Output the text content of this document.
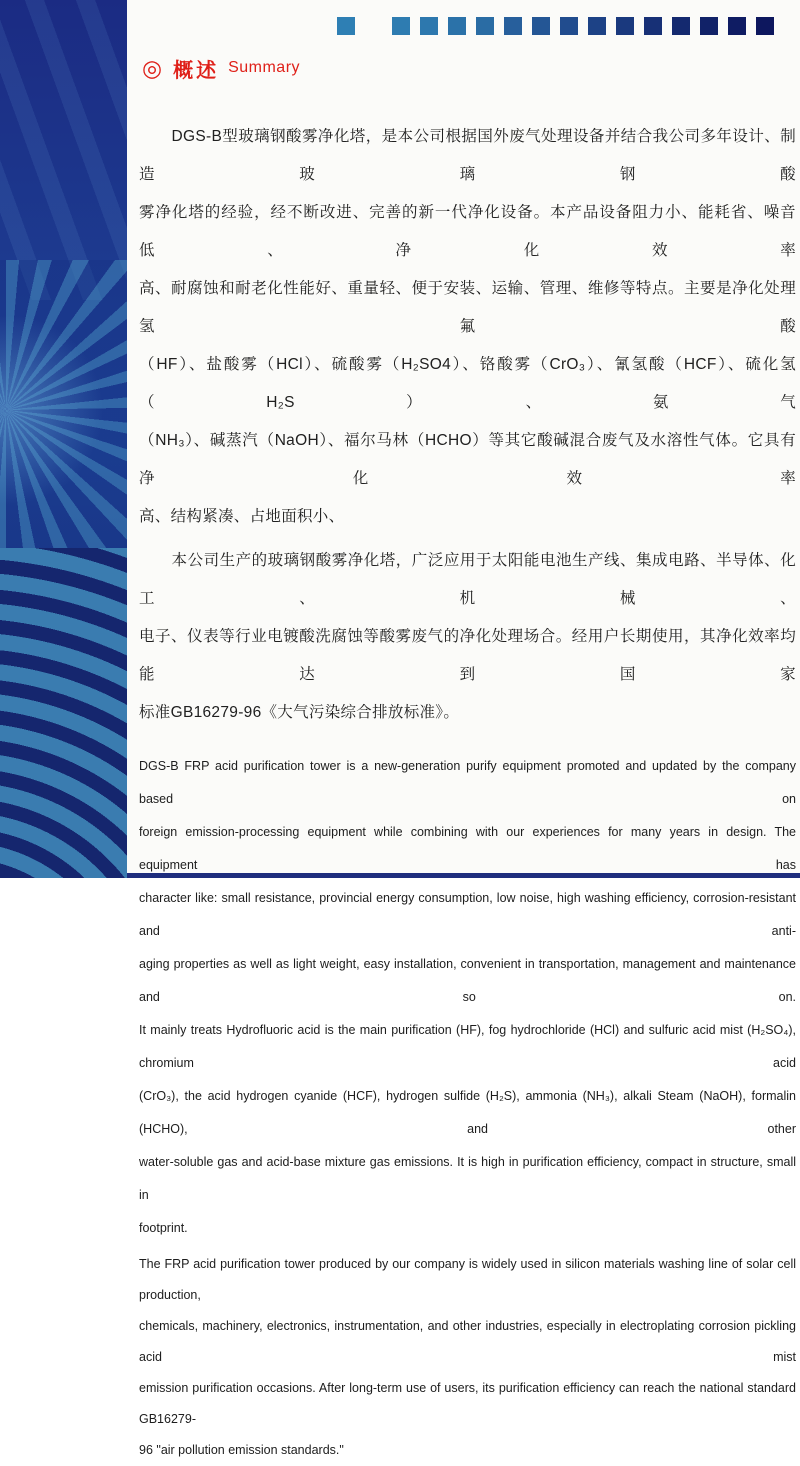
◎ 概述 Summary
DGS-B型玻璃钢酸雾净化塔，是本公司根据国外废气处理设备并结合我公司多年设计、制造玻璃钢酸
雾净化塔的经验，经不断改进、完善的新一代净化设备。本产品设备阻力小、能耗省、噪音低、净化效率
高、耐腐蚀和耐老化性能好、重量轻、便于安装、运输、管理、维修等特点。主要是净化处理氢氟酸
（HF）、盐酸雾（HCl）、硫酸雾（H₂SO4）、铬酸雾（CrO₃）、氰氢酸（HCF）、硫化氢（H₂S）、氨气
（NH₃）、碱蒸汽（NaOH）、福尔马林（HCHO）等其它酸碱混合废气及水溶性气体。它具有净化效率
高、结构紧凑、占地面积小、
本公司生产的玻璃钢酸雾净化塔，广泛应用于太阳能电池生产线、集成电路、半导体、化工、机械、
电子、仪表等行业电镀酸洗腐蚀等酸雾废气的净化处理场合。经用户长期使用，其净化效率均能达到国家
标准GB16279-96《大气污染综合排放标准》。
DGS-B FRP acid purification tower is a new-generation purify equipment promoted and updated by the company based on
foreign emission-processing equipment while combining with our experiences for many years in design. The equipment has
character like: small resistance, provincial energy consumption, low noise, high washing efficiency, corrosion-resistant and anti-
aging properties as well as light weight, easy installation, convenient in transportation, management and maintenance and so on.
It mainly treats Hydrofluoric acid is the main purification (HF), fog hydrochloride (HCl) and sulfuric acid mist (H₂SO₄), chromium acid
(CrO₃), the acid hydrogen cyanide (HCF), hydrogen sulfide (H₂S), ammonia (NH₃), alkali Steam (NaOH), formalin (HCHO), and other
water-soluble gas and acid-base mixture gas emissions. It is high in purification efficiency, compact in structure, small in
footprint.
The FRP acid purification tower produced by our company is widely used in silicon materials washing line of solar cell production,
chemicals, machinery, electronics, instrumentation, and other industries, especially in electroplating corrosion pickling acid mist
emission purification occasions. After long-term use of users, its purification efficiency can reach the national standard GB16279-
96 "air pollution emission standards."
